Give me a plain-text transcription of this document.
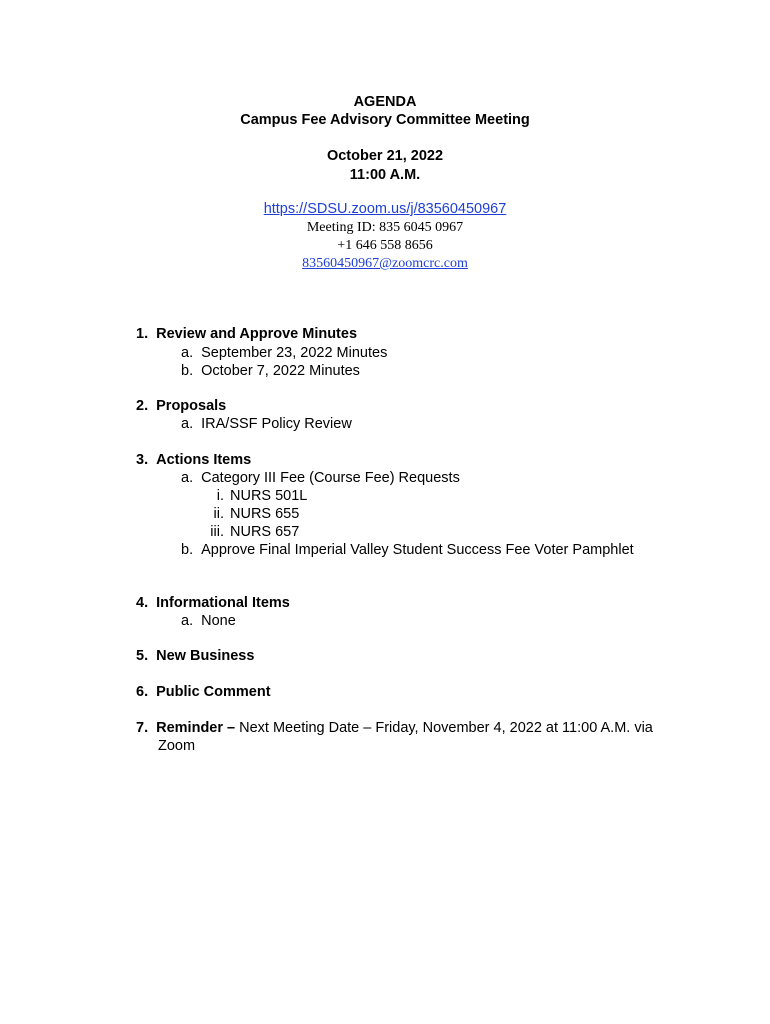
AGENDA
Campus Fee Advisory Committee Meeting
October 21, 2022
11:00 A.M.
https://SDSU.zoom.us/j/83560450967
Meeting ID: 835 6045 0967
+1 646 558 8656
83560450967@zoomcrc.com
1. Review and Approve Minutes
a. September 23, 2022 Minutes
b. October 7, 2022 Minutes
2. Proposals
a. IRA/SSF Policy Review
3. Actions Items
a. Category III Fee (Course Fee) Requests
i. NURS 501L
ii. NURS 655
iii. NURS 657
b. Approve Final Imperial Valley Student Success Fee Voter Pamphlet
4. Informational Items
a. None
5. New Business
6. Public Comment
7. Reminder – Next Meeting Date – Friday, November 4, 2022 at 11:00 A.M. via
Zoom
